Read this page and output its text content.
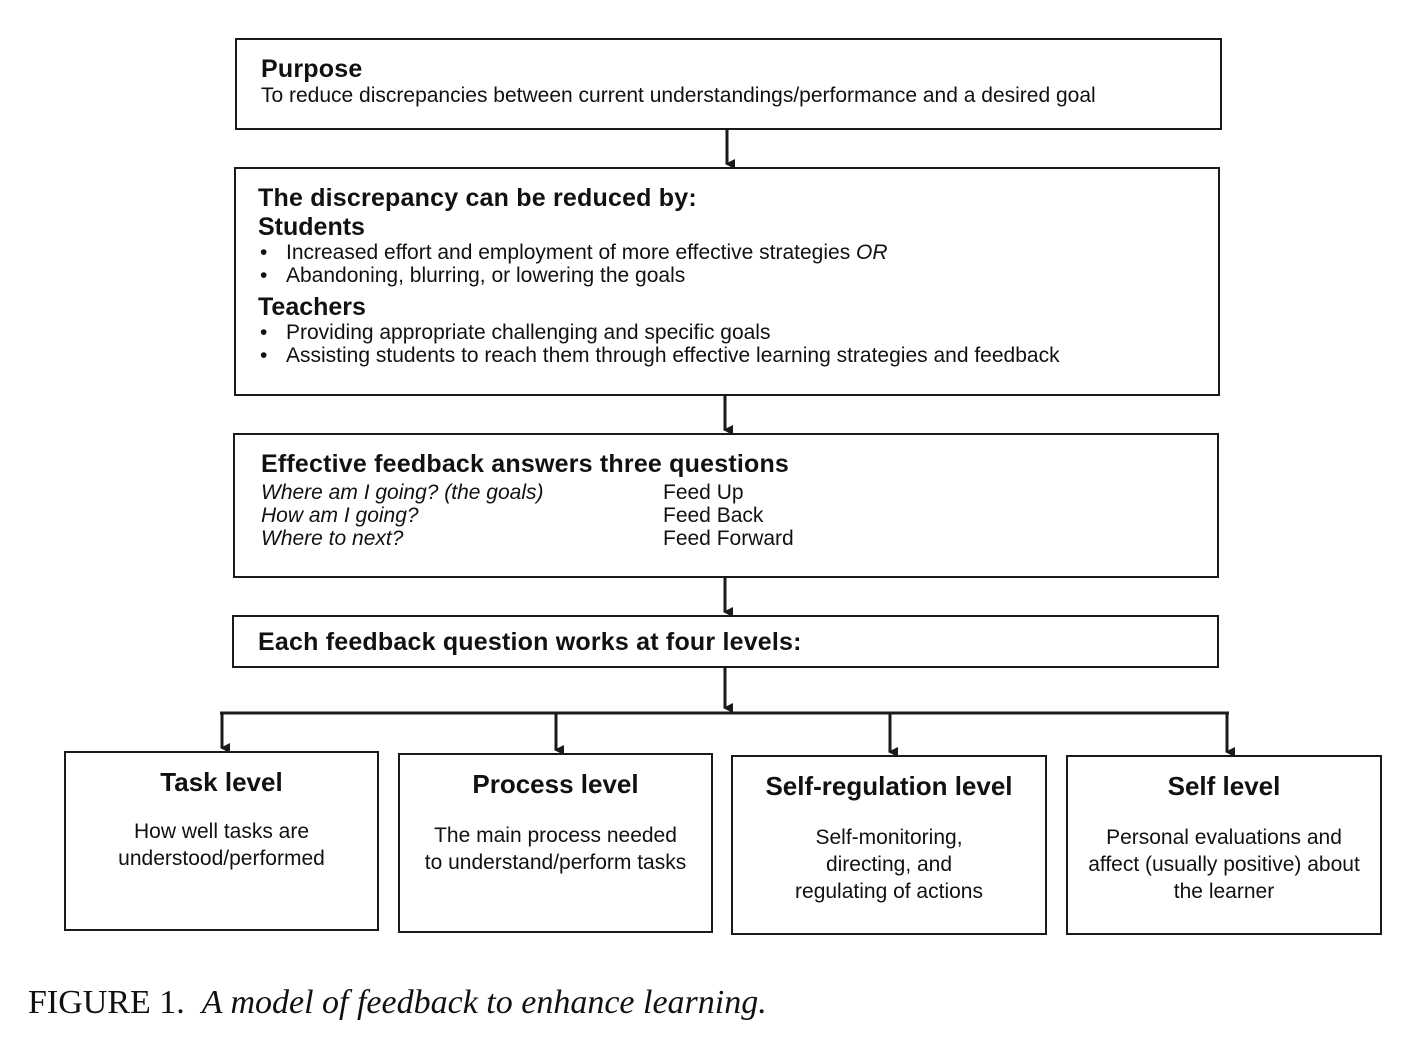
Purpose
To reduce discrepancies between current understandings/performance and a desired goal
The discrepancy can be reduced by:
Students
• Increased effort and employment of more effective strategies OR
• Abandoning, blurring, or lowering the goals
Teachers
• Providing appropriate challenging and specific goals
• Assisting students to reach them through effective learning strategies and feedback
Effective feedback answers three questions
Where am I going? (the goals)	Feed Up
How am I going?	Feed Back
Where to next?	Feed Forward
Each feedback question works at four levels:
Task level
How well tasks are understood/performed
Process level
The main process needed to understand/perform tasks
Self-regulation level
Self-monitoring, directing, and regulating of actions
Self level
Personal evaluations and affect (usually positive) about the learner
FIGURE 1. A model of feedback to enhance learning.
